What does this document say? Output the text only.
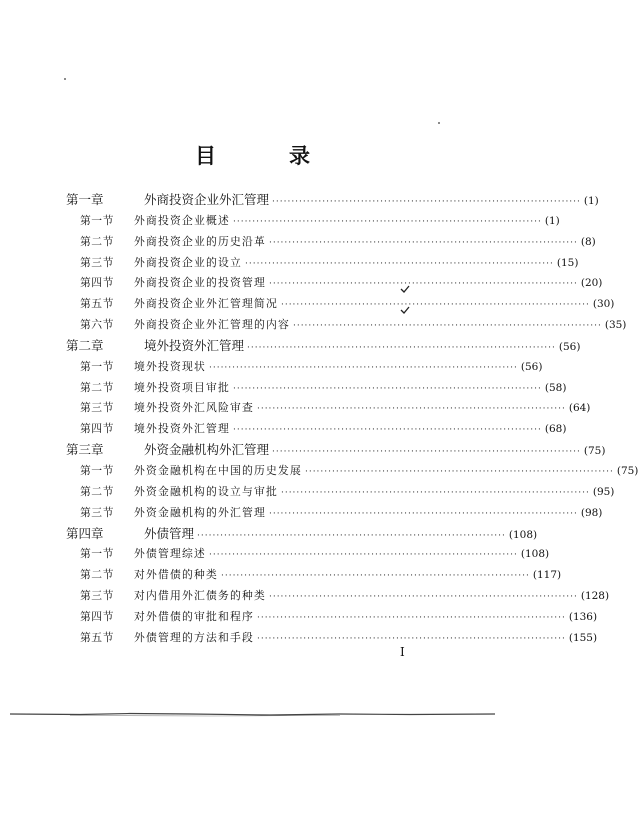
目　录
第一章	外商投资企业外汇管理 ················································································ (1)
第一节	外商投资企业概述 ················································································ (1)
第二节	外商投资企业的历史沿革 ················································································ (8)
第三节	外商投资企业的设立 ················································································ (15)
第四节	外商投资企业的投资管理 ················································································ (20)
第五节	外商投资企业外汇管理简况 ················································································ (30)
第六节	外商投资企业外汇管理的内容 ················································································ (35)
第二章	境外投资外汇管理 ················································································ (56)
第一节	境外投资现状 ················································································ (56)
第二节	境外投资项目审批 ················································································ (58)
第三节	境外投资外汇风险审查 ················································································ (64)
第四节	境外投资外汇管理 ················································································ (68)
第三章	外资金融机构外汇管理 ················································································ (75)
第一节	外资金融机构在中国的历史发展 ················································································ (75)
第二节	外资金融机构的设立与审批 ················································································ (95)
第三节	外资金融机构的外汇管理 ················································································ (98)
第四章	外债管理 ················································································ (108)
第一节	外债管理综述 ················································································ (108)
第二节	对外借债的种类 ················································································ (117)
第三节	对内借用外汇债务的种类 ················································································ (128)
第四节	对外借债的审批和程序 ················································································ (136)
第五节	外债管理的方法和手段 ················································································ (155)
I
